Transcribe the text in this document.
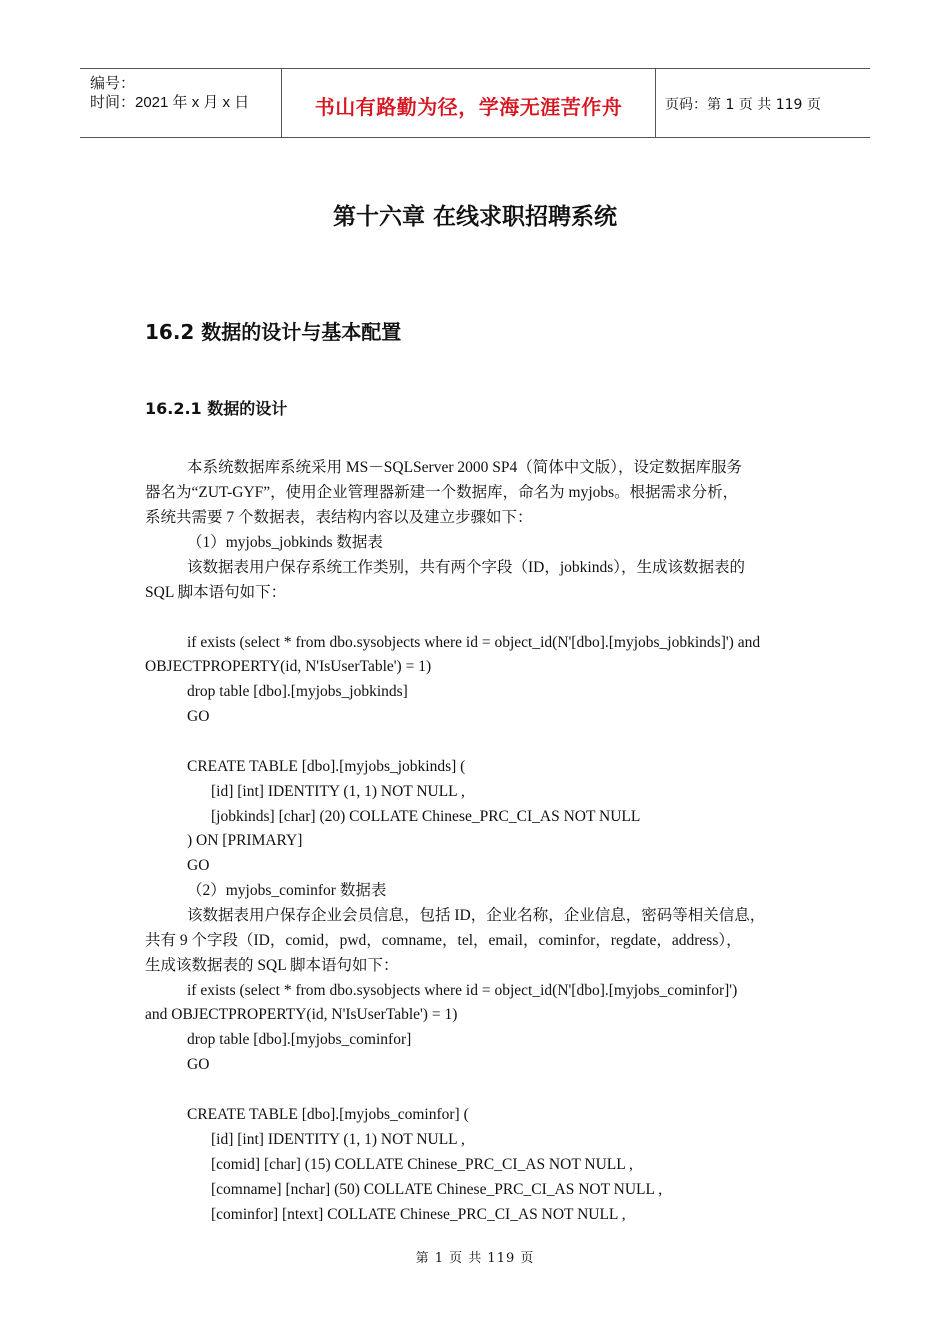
编号：
时间：2021 年 x 月 x 日	书山有路勤为径，学海无涯苦作舟	页码：第 1 页 共 119 页
第十六章 在线求职招聘系统
16.2 数据的设计与基本配置
16.2.1 数据的设计
本系统数据库系统采用 MS－SQLServer 2000 SP4（简体中文版），设定数据库服务
器名为“ZUT-GYF”，使用企业管理器新建一个数据库，命名为 myjobs。根据需求分析，
系统共需要 7 个数据表，表结构内容以及建立步骤如下：
（1）myjobs_jobkinds 数据表
该数据表用户保存系统工作类别，共有两个字段（ID，jobkinds），生成该数据表的
SQL 脚本语句如下：
if exists (select * from dbo.sysobjects where id = object_id(N'[dbo].[myjobs_jobkinds]') and
OBJECTPROPERTY(id, N'IsUserTable') = 1)
drop table [dbo].[myjobs_jobkinds]
GO
CREATE TABLE [dbo].[myjobs_jobkinds] (
[id] [int] IDENTITY (1, 1) NOT NULL ,
[jobkinds] [char] (20) COLLATE Chinese_PRC_CI_AS NOT NULL
) ON [PRIMARY]
GO
（2）myjobs_cominfor 数据表
该数据表用户保存企业会员信息，包括 ID，企业名称，企业信息，密码等相关信息，
共有 9 个字段（ID，comid，pwd，comname，tel，email，cominfor，regdate，address），
生成该数据表的 SQL 脚本语句如下：
if exists (select * from dbo.sysobjects where id = object_id(N'[dbo].[myjobs_cominfor]')
and OBJECTPROPERTY(id, N'IsUserTable') = 1)
drop table [dbo].[myjobs_cominfor]
GO
CREATE TABLE [dbo].[myjobs_cominfor] (
[id] [int] IDENTITY (1, 1) NOT NULL ,
[comid] [char] (15) COLLATE Chinese_PRC_CI_AS NOT NULL ,
[comname] [nchar] (50) COLLATE Chinese_PRC_CI_AS NOT NULL ,
[cominfor] [ntext] COLLATE Chinese_PRC_CI_AS NOT NULL ,
第 1 页 共 119 页
